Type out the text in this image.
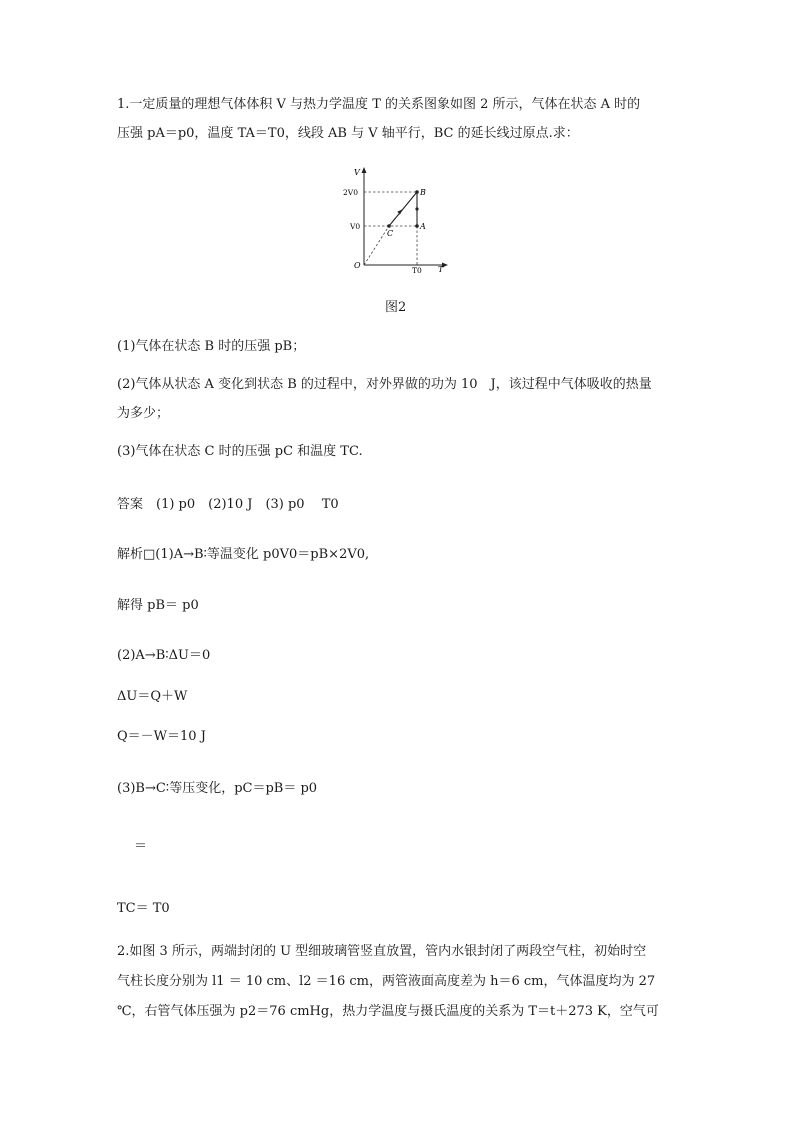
1.一定质量的理想气体体积 V 与热力学温度 T 的关系图象如图 2 所示，气体在状态 A 时的
压强 pA＝p0，温度 TA＝T0，线段 AB 与 V 轴平行，BC 的延长线过原点.求：
V
2V0
V0
O
T0 T
B
A
C
图2
(1)气体在状态 B 时的压强 pB；
(2)气体从状态 A 变化到状态 B 的过程中，对外界做的功为 10　J，该过程中气体吸收的热量
为多少；
(3)气体在状态 C 时的压强 pC 和温度 TC.
答案　(1) p0　(2)10 J　(3) p0　 T0
解析□(1)A→B∶等温变化 p0V0＝pB×2V0,
解得 pB＝ p0
(2)A→B∶ΔU＝0
ΔU＝Q＋W
Q＝－W＝10 J
(3)B→C∶等压变化，pC＝pB＝ p0
＝
TC＝ T0
2.如图 3 所示，两端封闭的 U 型细玻璃管竖直放置，管内水银封闭了两段空气柱，初始时空
气柱长度分别为 l1 ＝ 10 cm、l2 ＝16 cm，两管液面高度差为 h＝6 cm，气体温度均为 27
℃，右管气体压强为 p2＝76 cmHg，热力学温度与摄氏温度的关系为 T＝t＋273 K，空气可
